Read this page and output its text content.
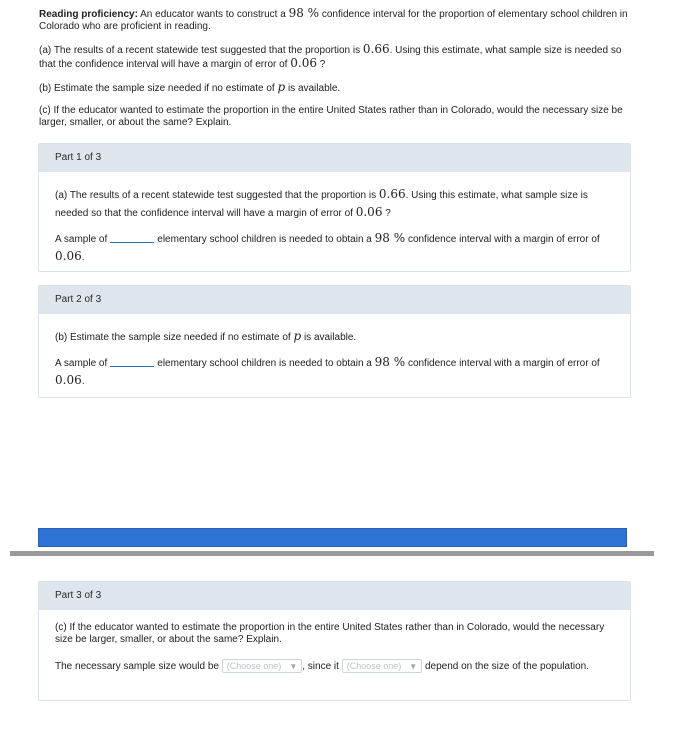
Reading proficiency: An educator wants to construct a 98 % confidence interval for the proportion of elementary school children in Colorado who are proficient in reading.

(a) The results of a recent statewide test suggested that the proportion is 0.66. Using this estimate, what sample size is needed so that the confidence interval will have a margin of error of 0.06 ?

(b) Estimate the sample size needed if no estimate of p is available.

(c) If the educator wanted to estimate the proportion in the entire United States rather than in Colorado, would the necessary size be larger, smaller, or about the same? Explain.

Part 1 of 3

(a) The results of a recent statewide test suggested that the proportion is 0.66. Using this estimate, what sample size is needed so that the confidence interval will have a margin of error of 0.06 ?

A sample of	elementary school children is needed to obtain a 98 % confidence interval with a margin of error of 0.06.

Part 2 of 3

(b) Estimate the sample size needed if no estimate of p is available.

A sample of	elementary school children is needed to obtain a 98 % confidence interval with a margin of error of 0.06.

Part 3 of 3

(c) If the educator wanted to estimate the proportion in the entire United States rather than in Colorado, would the necessary size be larger, smaller, or about the same? Explain.

The necessary sample size would be (Choose one) ▼ , since it (Choose one) ▼ depend on the size of the population.
